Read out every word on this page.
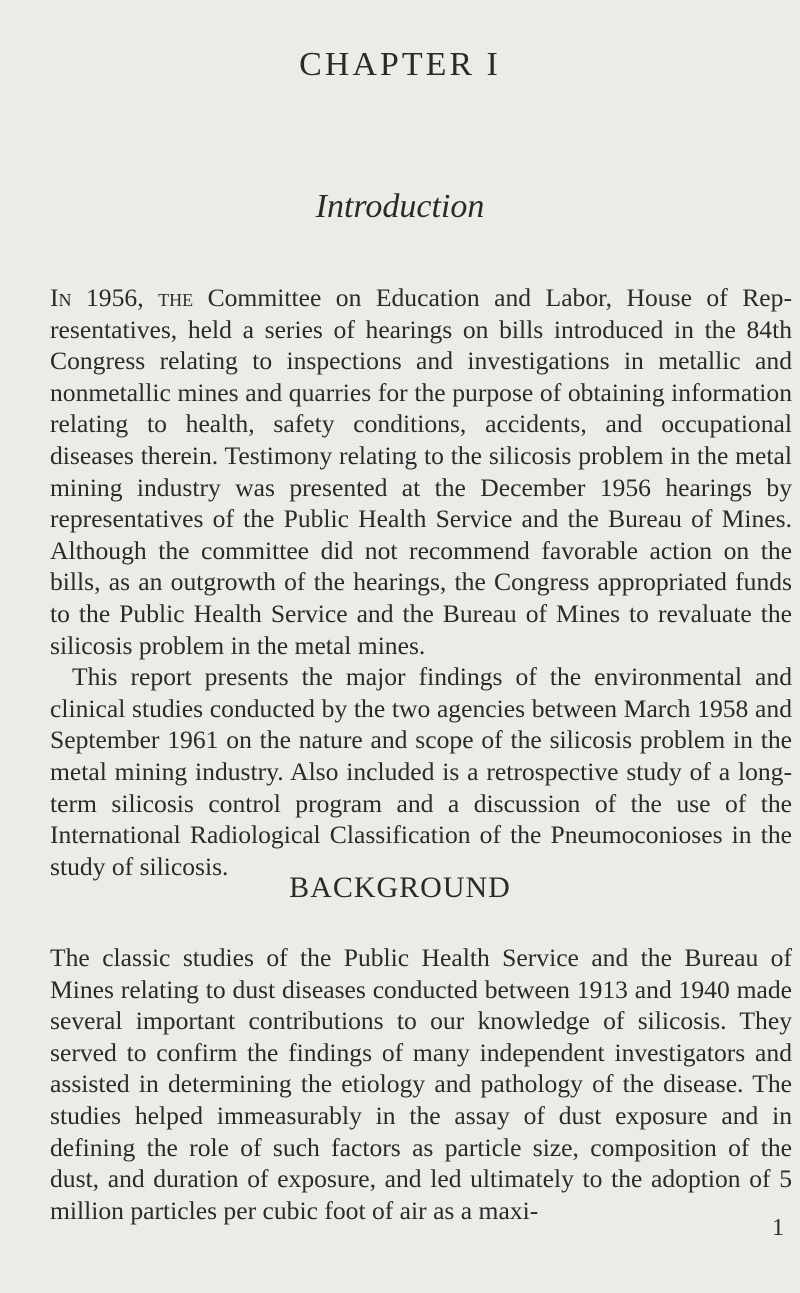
CHAPTER I
Introduction

In 1956, the Committee on Education and Labor, House of Representatives, held a series of hearings on bills introduced in the 84th Congress relating to inspections and investigations in metallic and nonmetallic mines and quarries for the purpose of obtaining information relating to health, safety conditions, accidents, and occupational diseases therein. Testimony relating to the silicosis problem in the metal mining industry was presented at the December 1956 hearings by representatives of the Public Health Service and the Bureau of Mines. Although the committee did not recommend favorable action on the bills, as an outgrowth of the hearings, the Congress appropriated funds to the Public Health Service and the Bureau of Mines to revaluate the silicosis problem in the metal mines.

This report presents the major findings of the environmental and clinical studies conducted by the two agencies between March 1958 and September 1961 on the nature and scope of the silicosis problem in the metal mining industry. Also included is a retrospective study of a long-term silicosis control program and a discussion of the use of the International Radiological Classification of the Pneumoconioses in the study of silicosis.

BACKGROUND

The classic studies of the Public Health Service and the Bureau of Mines relating to dust diseases conducted between 1913 and 1940 made several important contributions to our knowledge of silicosis. They served to confirm the findings of many independent investigators and assisted in determining the etiology and pathology of the disease. The studies helped immeasurably in the assay of dust exposure and in defining the role of such factors as particle size, composition of the dust, and duration of exposure, and led ultimately to the adoption of 5 million particles per cubic foot of air as a maxi-

1
